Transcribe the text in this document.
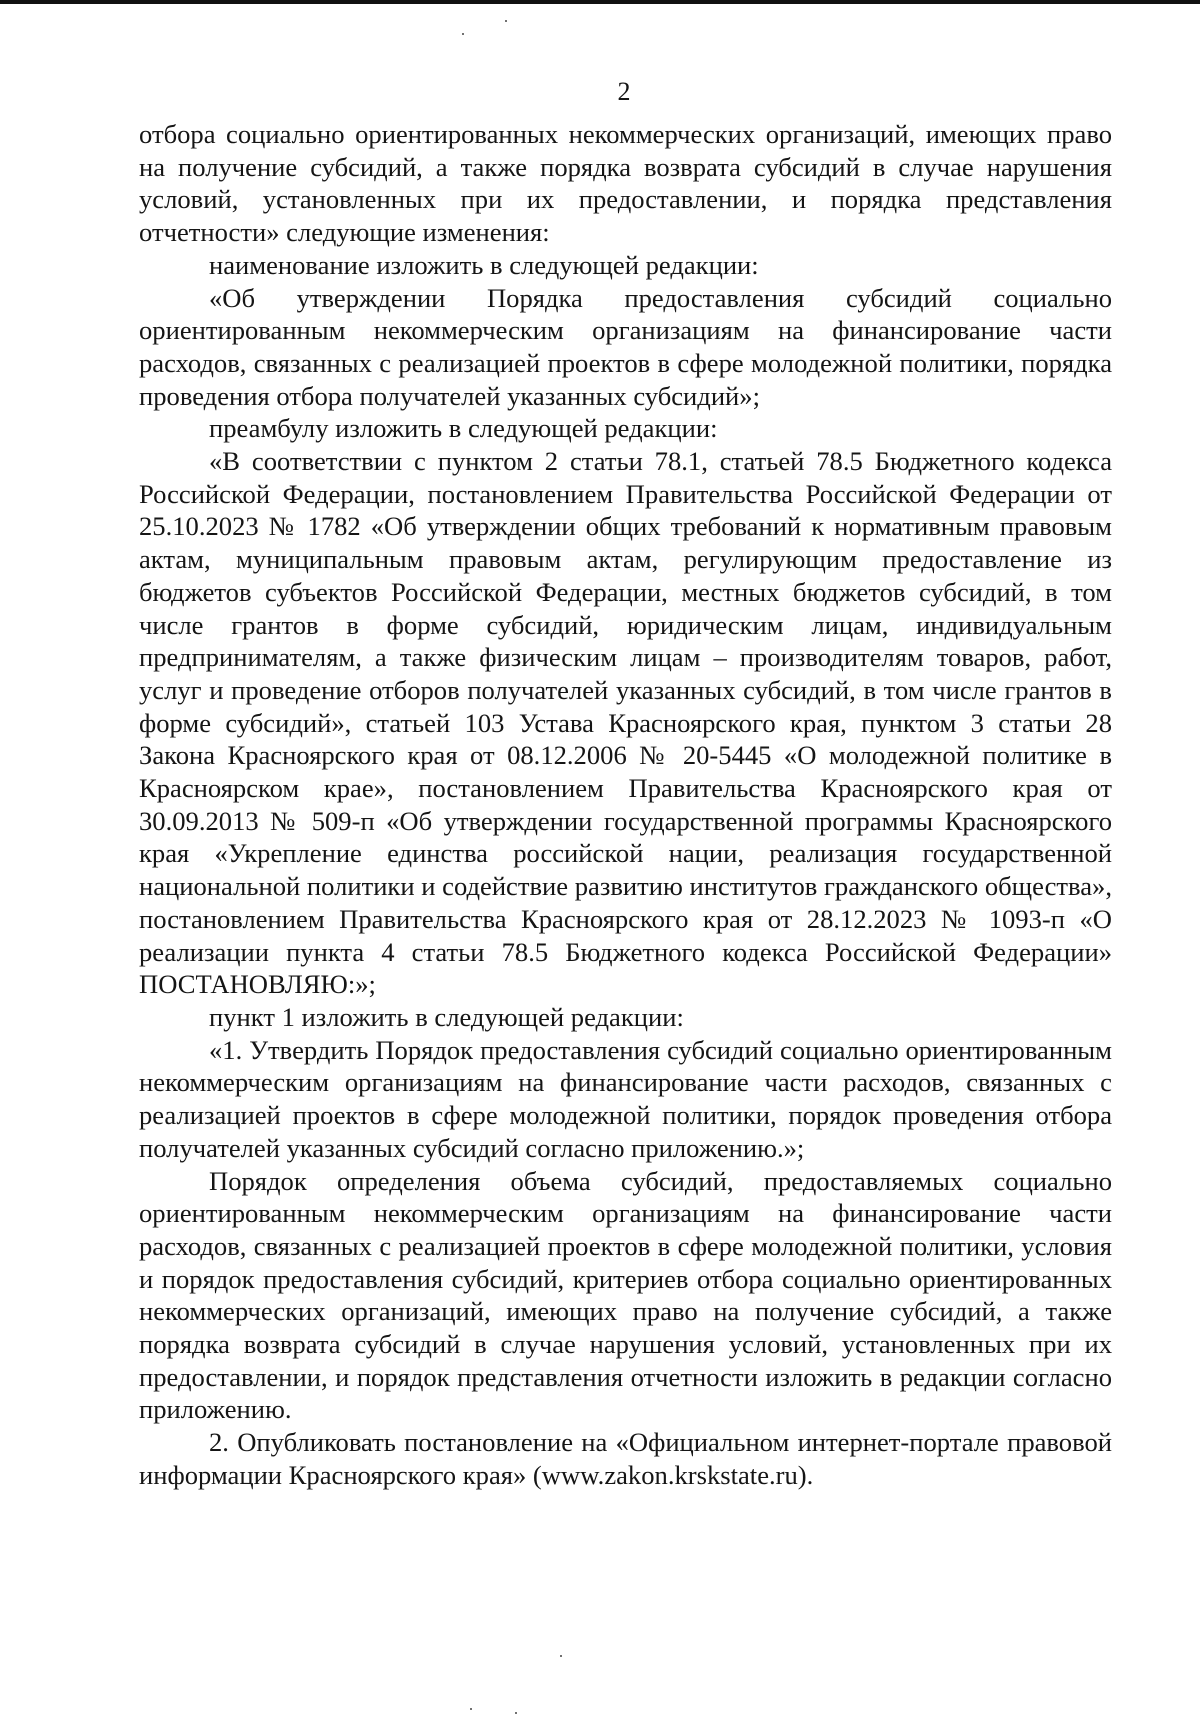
2

отбора социально ориентированных некоммерческих организаций, имеющих право на получение субсидий, а также порядка возврата субсидий в случае нарушения условий, установленных при их предоставлении, и порядка представления отчетности» следующие изменения:

наименование изложить в следующей редакции:

«Об утверждении Порядка предоставления субсидий социально ориентированным некоммерческим организациям на финансирование части расходов, связанных с реализацией проектов в сфере молодежной политики, порядка проведения отбора получателей указанных субсидий»;

преамбулу изложить в следующей редакции:

«В соответствии с пунктом 2 статьи 78.1, статьей 78.5 Бюджетного кодекса Российской Федерации, постановлением Правительства Российской Федерации от 25.10.2023 № 1782 «Об утверждении общих требований к нормативным правовым актам, муниципальным правовым актам, регулирующим предоставление из бюджетов субъектов Российской Федерации, местных бюджетов субсидий, в том числе грантов в форме субсидий, юридическим лицам, индивидуальным предпринимателям, а также физическим лицам – производителям товаров, работ, услуг и проведение отборов получателей указанных субсидий, в том числе грантов в форме субсидий», статьей 103 Устава Красноярского края, пунктом 3 статьи 28 Закона Красноярского края от 08.12.2006 № 20-5445 «О молодежной политике в Красноярском крае», постановлением Правительства Красноярского края от 30.09.2013 № 509-п «Об утверждении государственной программы Красноярского края «Укрепление единства российской нации, реализация государственной национальной политики и содействие развитию институтов гражданского общества», постановлением Правительства Красноярского края от 28.12.2023 № 1093-п «О реализации пункта 4 статьи 78.5 Бюджетного кодекса Российской Федерации» ПОСТАНОВЛЯЮ:»;

пункт 1 изложить в следующей редакции:

«1. Утвердить Порядок предоставления субсидий социально ориентированным некоммерческим организациям на финансирование части расходов, связанных с реализацией проектов в сфере молодежной политики, порядок проведения отбора получателей указанных субсидий согласно приложению.»;

Порядок определения объема субсидий, предоставляемых социально ориентированным некоммерческим организациям на финансирование части расходов, связанных с реализацией проектов в сфере молодежной политики, условия и порядок предоставления субсидий, критериев отбора социально ориентированных некоммерческих организаций, имеющих право на получение субсидий, а также порядка возврата субсидий в случае нарушения условий, установленных при их предоставлении, и порядок представления отчетности изложить в редакции согласно приложению.

2. Опубликовать постановление на «Официальном интернет-портале правовой информации Красноярского края» (www.zakon.krskstate.ru).
